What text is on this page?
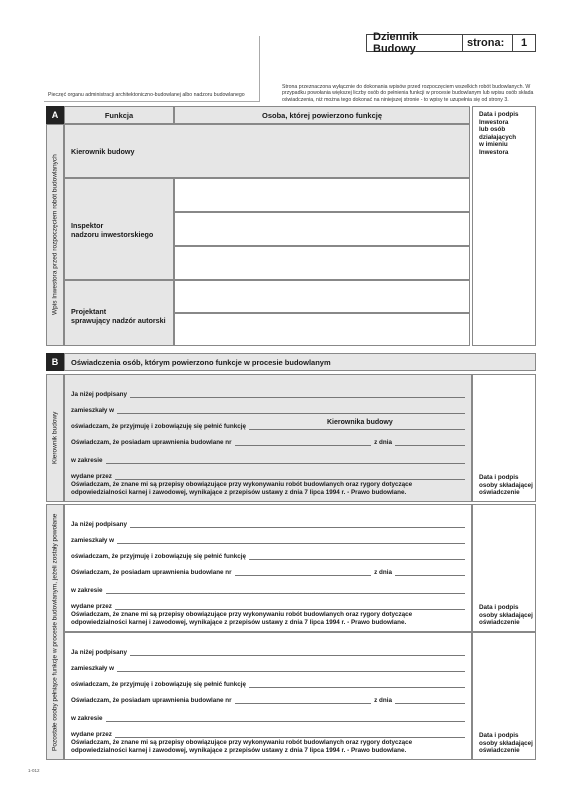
Pieczęć organu administracji architektoniczno-budowlanej albo nadzoru budowlanego
Dziennik Budowy	strona:	1
Strona przeznaczona wyłącznie do dokonania wpisów przed rozpoczęciem wszelkich robót budowlanych. W przypadku powołania większej liczby osób do pełnienia funkcji w procesie budowlanym lub wpisu osób składa oświadczenia, niż można tego dokonać na niniejszej stronie - to wpisy te uzupełnia się od strony 3.
A	Funkcja	Osoba, której powierzono funkcję
Wpis Inwestora przed rozpoczęciem robót budowlanych
Data i podpis
Inwestora
lub osób
działających
w imieniu
Inwestora
Kierownik budowy
Inspektor
nadzoru inwestorskiego
Projektant
sprawujący nadzór autorski
B	Oświadczenia osób, którym powierzono funkcje w procesie budowlanym
Kierownik budowy
Pozostałe osoby pełniące funkcje w procesie budowlanym, jeżeli zostały powołane
Ja niżej podpisany
zamieszkały w
oświadczam, że przyjmuję i zobowiązuję się pełnić funkcję
Kierownika budowy
Oświadczam, że posiadam uprawnienia budowlane nr	z dnia
w zakresie
wydane przez
Oświadczam, że znane mi są przepisy obowiązujące przy wykonywaniu robót budowlanych oraz rygory dotyczące odpowiedzialności karnej i zawodowej, wynikające z przepisów ustawy z dnia 7 lipca 1994 r. - Prawo budowlane.
Data i podpis
osoby składającej
oświadczenie
Ja niżej podpisany
zamieszkały w
oświadczam, że przyjmuję i zobowiązuję się pełnić funkcję
Oświadczam, że posiadam uprawnienia budowlane nr	z dnia
w zakresie
wydane przez
Oświadczam, że znane mi są przepisy obowiązujące przy wykonywaniu robót budowlanych oraz rygory dotyczące odpowiedzialności karnej i zawodowej, wynikające z przepisów ustawy z dnia 7 lipca 1994 r. - Prawo budowlane.
Data i podpis
osoby składającej
oświadczenie
Ja niżej podpisany
zamieszkały w
oświadczam, że przyjmuję i zobowiązuję się pełnić funkcję
Oświadczam, że posiadam uprawnienia budowlane nr	z dnia
w zakresie
wydane przez
Oświadczam, że znane mi są przepisy obowiązujące przy wykonywaniu robót budowlanych oraz rygory dotyczące odpowiedzialności karnej i zawodowej, wynikające z przepisów ustawy z dnia 7 lipca 1994 r. - Prawo budowlane.
Data i podpis
osoby składającej
oświadczenie
1-012
